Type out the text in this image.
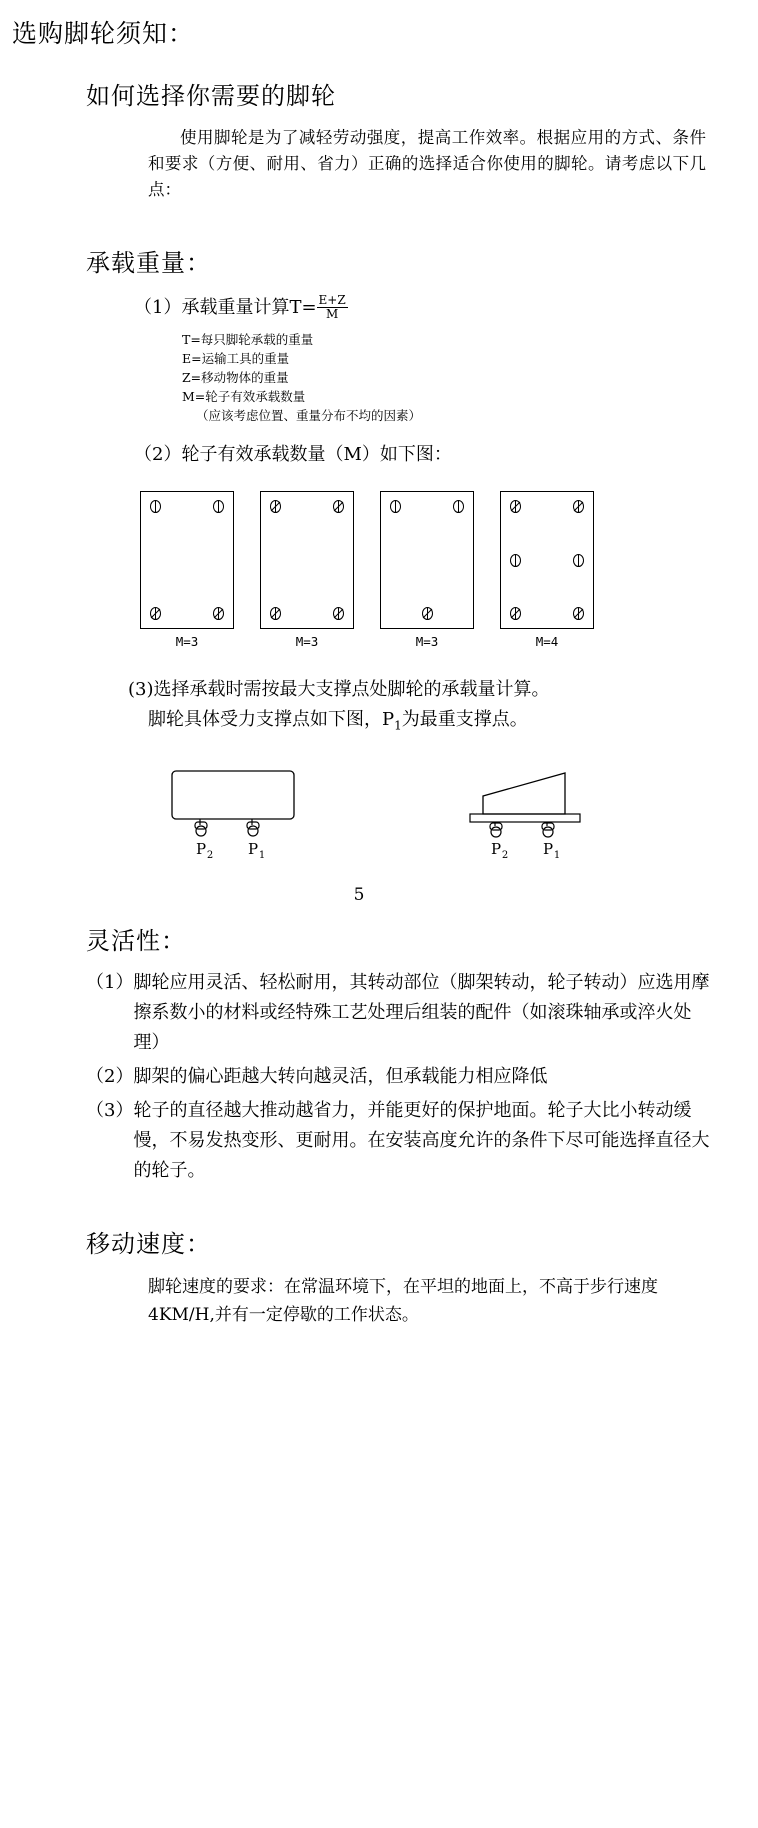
选购脚轮须知：
如何选择你需要的脚轮
使用脚轮是为了减轻劳动强度，提高工作效率。根据应用的方式、条件和要求（方便、耐用、省力）正确的选择适合你使用的脚轮。请考虑以下几点：
承载重量：
（1）承载重量计算$T= \frac{E+Z}{M}$
T=每只脚轮承载的重量
E=运输工具的重量
Z=移动物体的重量
M=轮子有效承载数量
（应该考虑位置、重量分布不均的因素）
（2）轮子有效承载数量（M）如下图：
M=3	M=3	M=3	M=4
(3)选择承载时需按最大支撑点处脚轮的承载量计算。
脚轮具体受力支撑点如下图，$P_1$为最重支撑点。
P 2 P 1	P 2 P 1
5
灵活性：
（1） 脚轮应用灵活、轻松耐用，其转动部位（脚架转动，轮子转动）应选用摩擦系数小的材料或经特殊工艺处理后组装的配件（如滚珠轴承或淬火处理）
（2） 脚架的偏心距越大转向越灵活，但承载能力相应降低
（3） 轮子的直径越大推动越省力，并能更好的保护地面。轮子大比小转动缓慢，不易发热变形、更耐用。在安装高度允许的条件下尽可能选择直径大的轮子。
移动速度：
脚轮速度的要求：在常温环境下，在平坦的地面上，不高于步行速度4KM/H,并有一定停歇的工作状态。
